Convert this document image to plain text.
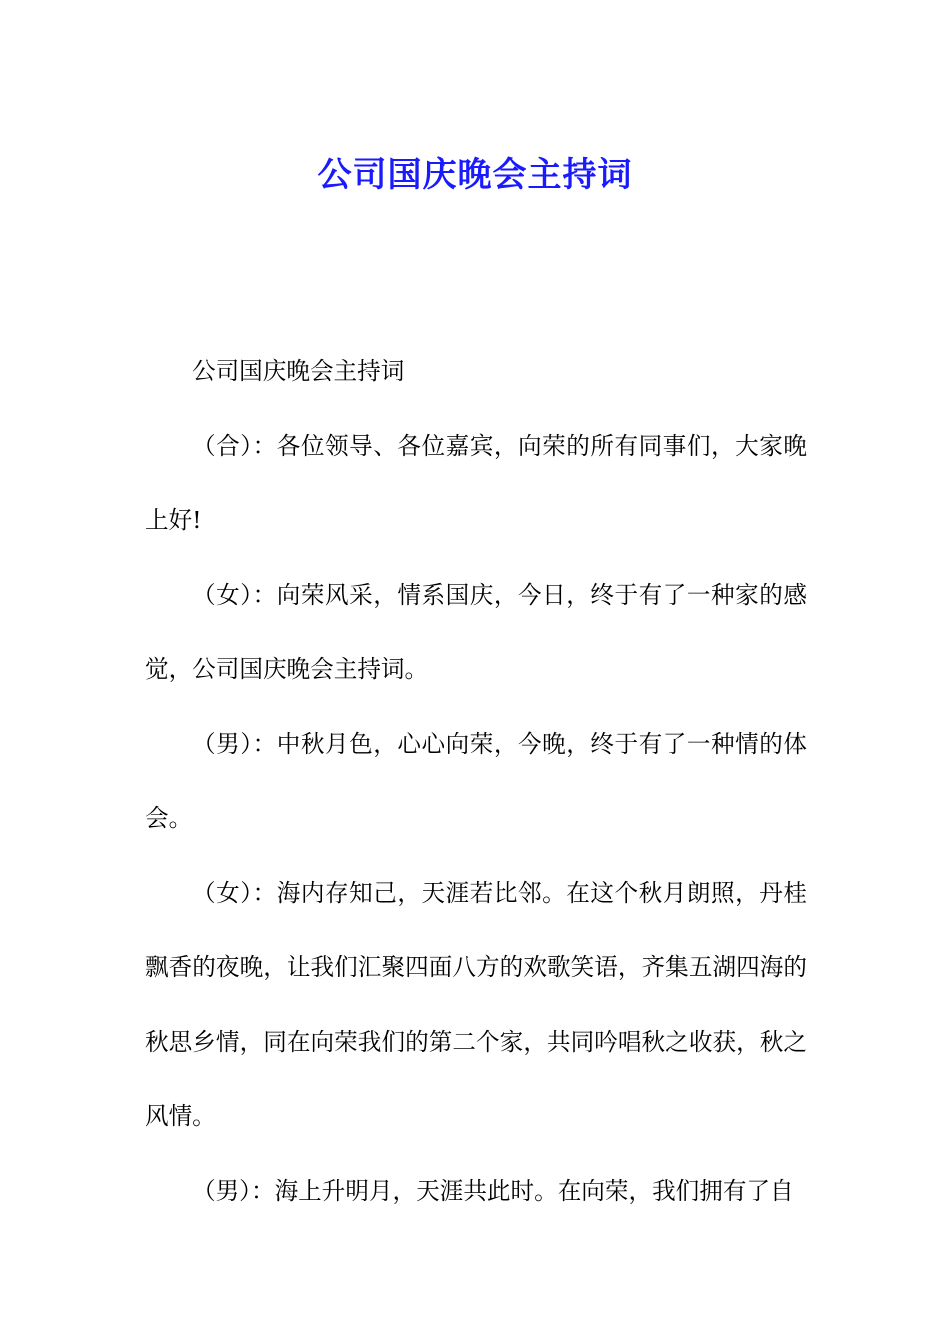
公司国庆晚会主持词

公司国庆晚会主持词

（合）：各位领导、各位嘉宾，向荣的所有同事们，大家晚上好!

（女）：向荣风采，情系国庆，今日，终于有了一种家的感觉，公司国庆晚会主持词。

（男）：中秋月色，心心向荣，今晚，终于有了一种情的体会。

（女）：海内存知己，天涯若比邻。在这个秋月朗照，丹桂飘香的夜晚，让我们汇聚四面八方的欢歌笑语，齐集五湖四海的秋思乡情，同在向荣我们的第二个家，共同吟唱秋之收获，秋之风情。

（男）：海上升明月，天涯共此时。在向荣，我们拥有了自
